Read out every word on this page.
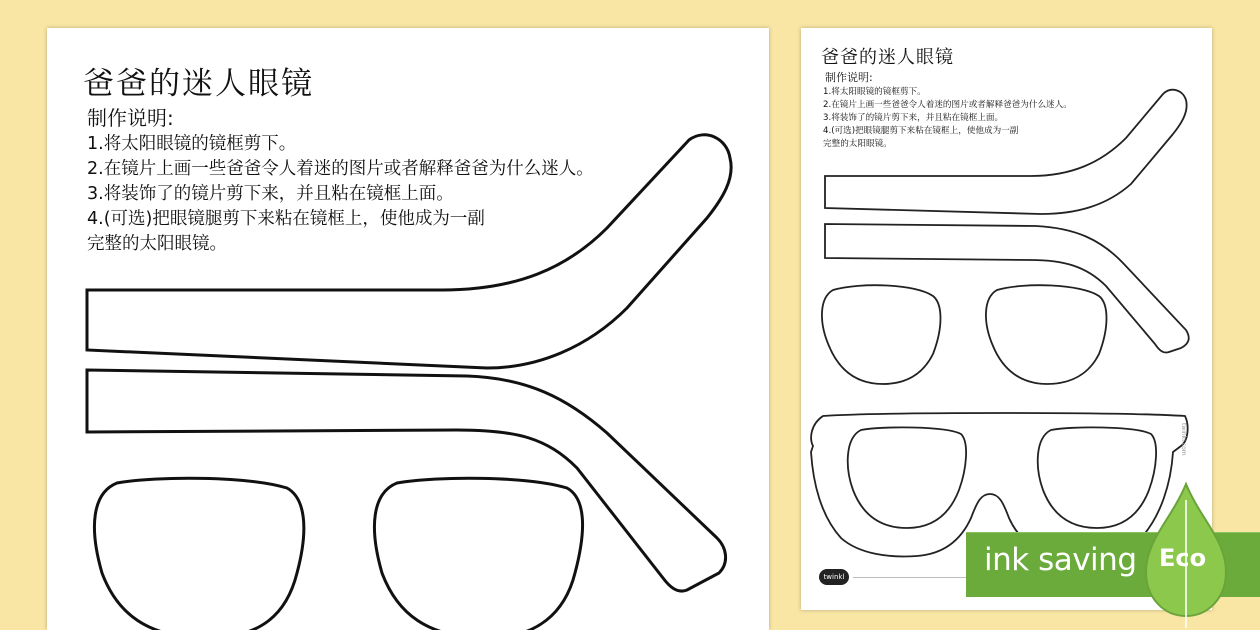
爸爸的迷人眼镜
制作说明:
1.将太阳眼镜的镜框剪下。
2.在镜片上画一些爸爸令人着迷的图片或者解释爸爸为什么迷人。
3.将装饰了的镜片剪下来，并且粘在镜框上面。
4.(可选)把眼镜腿剪下来粘在镜框上，使他成为一副
完整的太阳眼镜。
爸爸的迷人眼镜
制作说明:
1.将太阳眼镜的镜框剪下。
2.在镜片上画一些爸爸令人着迷的图片或者解释爸爸为什么迷人。
3.将装饰了的镜片剪下来，并且粘在镜框上面。
4.(可选)把眼镜腿剪下来粘在镜框上，使他成为一副
完整的太阳眼镜。
twinkl
twinkl.com
ink saving Eco
